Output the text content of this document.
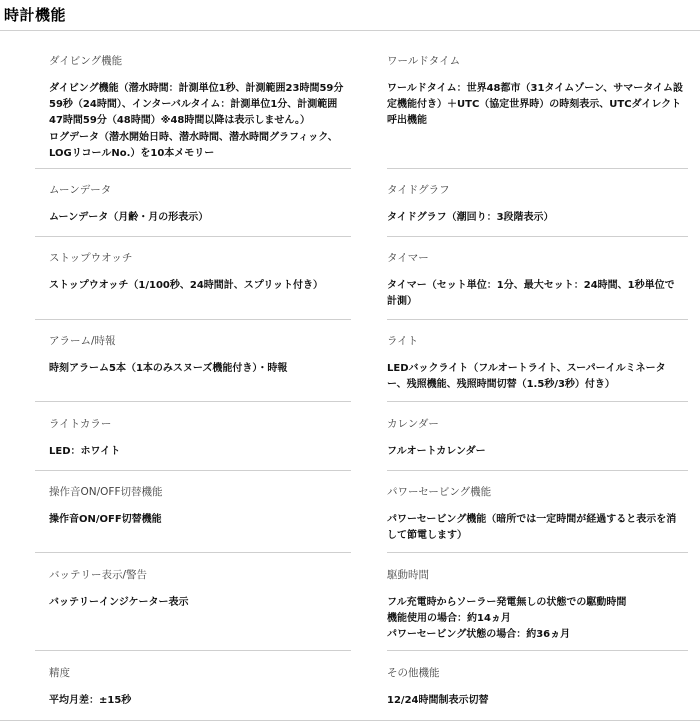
時計機能
ダイビング機能
ダイビング機能（潜水時間：計測単位1秒、計測範囲23時間59分
59秒（24時間）、インターバルタイム：計測単位1分、計測範囲
47時間59分（48時間）※48時間以降は表示しません。）
ログデータ（潜水開始日時、潜水時間、潜水時間グラフィック、
LOGリコールNo.）を10本メモリー
ムーンデータ
ムーンデータ（月齢・月の形表示）
ストップウオッチ
ストップウオッチ（1/100秒、24時間計、スプリット付き）
アラーム/時報
時刻アラーム5本（1本のみスヌーズ機能付き）・時報
ライトカラー
LED：ホワイト
操作音ON/OFF切替機能
操作音ON/OFF切替機能
バッテリー表示/警告
バッテリーインジケーター表示
精度
平均月差：±15秒
ワールドタイム
ワールドタイム：世界48都市（31タイムゾーン、サマータイム設
定機能付き）＋UTC（協定世界時）の時刻表示、UTCダイレクト
呼出機能
タイドグラフ
タイドグラフ（潮回り：3段階表示）
タイマー
タイマー（セット単位：1分、最大セット：24時間、1秒単位で
計測）
ライト
LEDバックライト（フルオートライト、スーパーイルミネータ
ー、残照機能、残照時間切替（1.5秒/3秒）付き）
カレンダー
フルオートカレンダー
パワーセービング機能
パワーセービング機能（暗所では一定時間が経過すると表示を消
して節電します）
駆動時間
フル充電時からソーラー発電無しの状態での駆動時間
機能使用の場合：約14ヵ月
パワーセービング状態の場合：約36ヵ月
その他機能
12/24時間制表示切替
